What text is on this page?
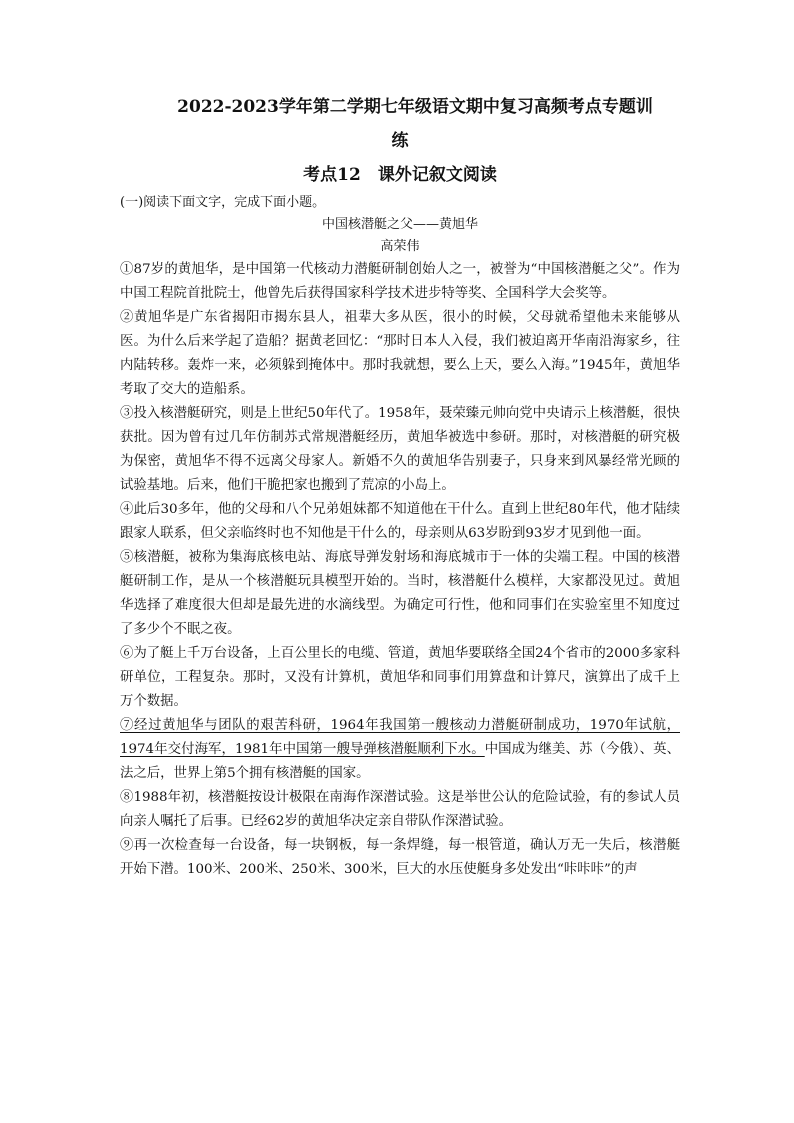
2022-2023学年第二学期七年级语文期中复习高频考点专题训

练

考点12　课外记叙文阅读

(一)阅读下面文字，完成下面小题。

中国核潜艇之父——黄旭华

高荣伟

①87岁的黄旭华，是中国第一代核动力潜艇研制创始人之一，被誉为“中国核潜艇之父”。作为中国工程院首批院士，他曾先后获得国家科学技术进步特等奖、全国科学大会奖等。

②黄旭华是广东省揭阳市揭东县人，祖辈大多从医，很小的时候，父母就希望他未来能够从医。为什么后来学起了造船？据黄老回忆：“那时日本人入侵，我们被迫离开华南沿海家乡，往内陆转移。轰炸一来，必须躲到掩体中。那时我就想，要么上天，要么入海。”1945年，黄旭华考取了交大的造船系。

③投入核潜艇研究，则是上世纪50年代了。1958年，聂荣臻元帅向党中央请示上核潜艇，很快获批。因为曾有过几年仿制苏式常规潜艇经历，黄旭华被选中参研。那时，对核潜艇的研究极为保密，黄旭华不得不远离父母家人。新婚不久的黄旭华告别妻子，只身来到风暴经常光顾的试验基地。后来，他们干脆把家也搬到了荒凉的小岛上。

④此后30多年，他的父母和八个兄弟姐妹都不知道他在干什么。直到上世纪80年代，他才陆续跟家人联系，但父亲临终时也不知他是干什么的，母亲则从63岁盼到93岁才见到他一面。

⑤核潜艇，被称为集海底核电站、海底导弹发射场和海底城市于一体的尖端工程。中国的核潜艇研制工作，是从一个核潜艇玩具模型开始的。当时，核潜艇什么模样，大家都没见过。黄旭华选择了难度很大但却是最先进的水滴线型。为确定可行性，他和同事们在实验室里不知度过了多少个不眠之夜。

⑥为了艇上千万台设备，上百公里长的电缆、管道，黄旭华要联络全国24个省市的2000多家科研单位，工程复杂。那时，又没有计算机，黄旭华和同事们用算盘和计算尺，演算出了成千上万个数据。

⑦经过黄旭华与团队的艰苦科研，1964年我国第一艘核动力潜艇研制成功，1970年试航，1974年交付海军，1981年中国第一艘导弹核潜艇顺利下水。中国成为继美、苏（今俄）、英、法之后，世界上第5个拥有核潜艇的国家。

⑧1988年初，核潜艇按设计极限在南海作深潜试验。这是举世公认的危险试验，有的参试人员向亲人嘱托了后事。已经62岁的黄旭华决定亲自带队作深潜试验。

⑨再一次检查每一台设备，每一块钢板，每一条焊缝，每一根管道，确认万无一失后，核潜艇开始下潜。100米、200米、250米、300米，巨大的水压使艇身多处发出“咔咔咔”的声
